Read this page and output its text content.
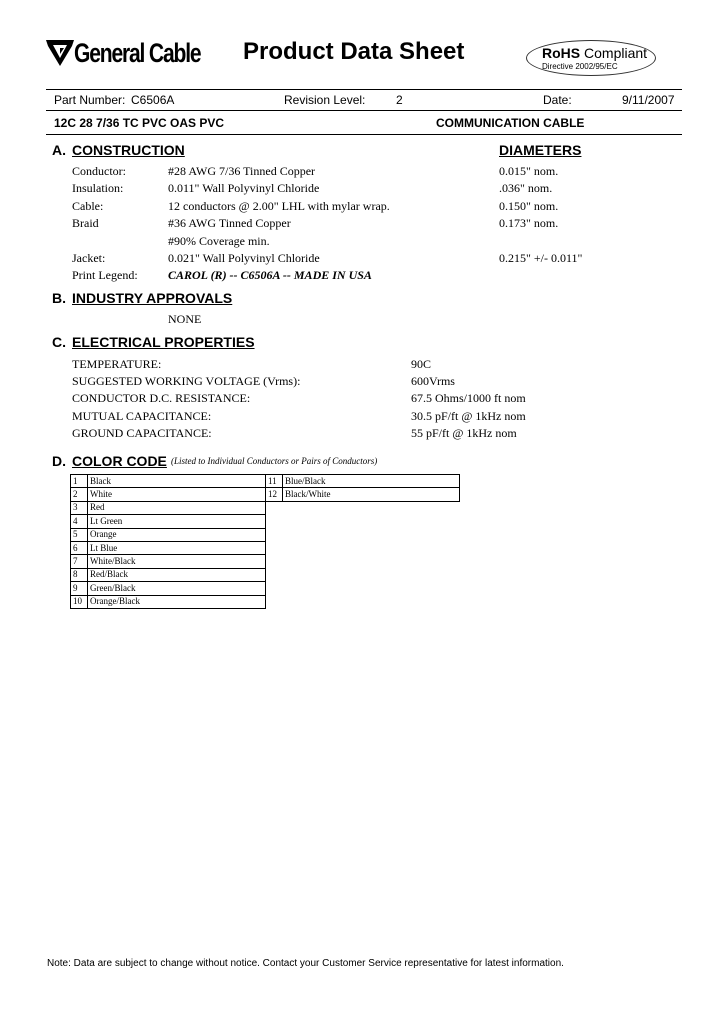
General Cable Product Data Sheet	RoHS Compliant
Directive 2002/95/EC
Part Number: C6506A	Revision Level:	2	Date:	9/11/2007
12C 28 7/36 TC PVC OAS PVC	COMMUNICATION CABLE
A. CONSTRUCTION	DIAMETERS
Conductor:	#28 AWG 7/36 Tinned Copper	0.015" nom.
Insulation:	0.011" Wall Polyvinyl Chloride	.036" nom.
Cable:	12 conductors @ 2.00" LHL with mylar wrap.	0.150" nom.
Braid	#36 AWG Tinned Copper	0.173" nom.
#90% Coverage min.
Jacket:	0.021" Wall Polyvinyl Chloride	0.215" +/- 0.011"
Print Legend:	CAROL (R) -- C6506A -- MADE IN USA
B. INDUSTRY APPROVALS
NONE
C. ELECTRICAL PROPERTIES
TEMPERATURE:	90C
SUGGESTED WORKING VOLTAGE (Vrms):	600Vrms
CONDUCTOR D.C. RESISTANCE:	67.5 Ohms/1000 ft nom
MUTUAL CAPACITANCE:	30.5 pF/ft @ 1kHz nom
GROUND CAPACITANCE:	55 pF/ft @ 1kHz nom
D. COLOR CODE (Listed to Individual Conductors or Pairs of Conductors)
1	Black
2	White
3	Red
4	Lt Green
5	Orange
6	Lt Blue
7	White/Black
8	Red/Black
9	Green/Black
10	Orange/Black
11	Blue/Black
12	Black/White
Note: Data are subject to change without notice. Contact your Customer Service representative for latest information.
